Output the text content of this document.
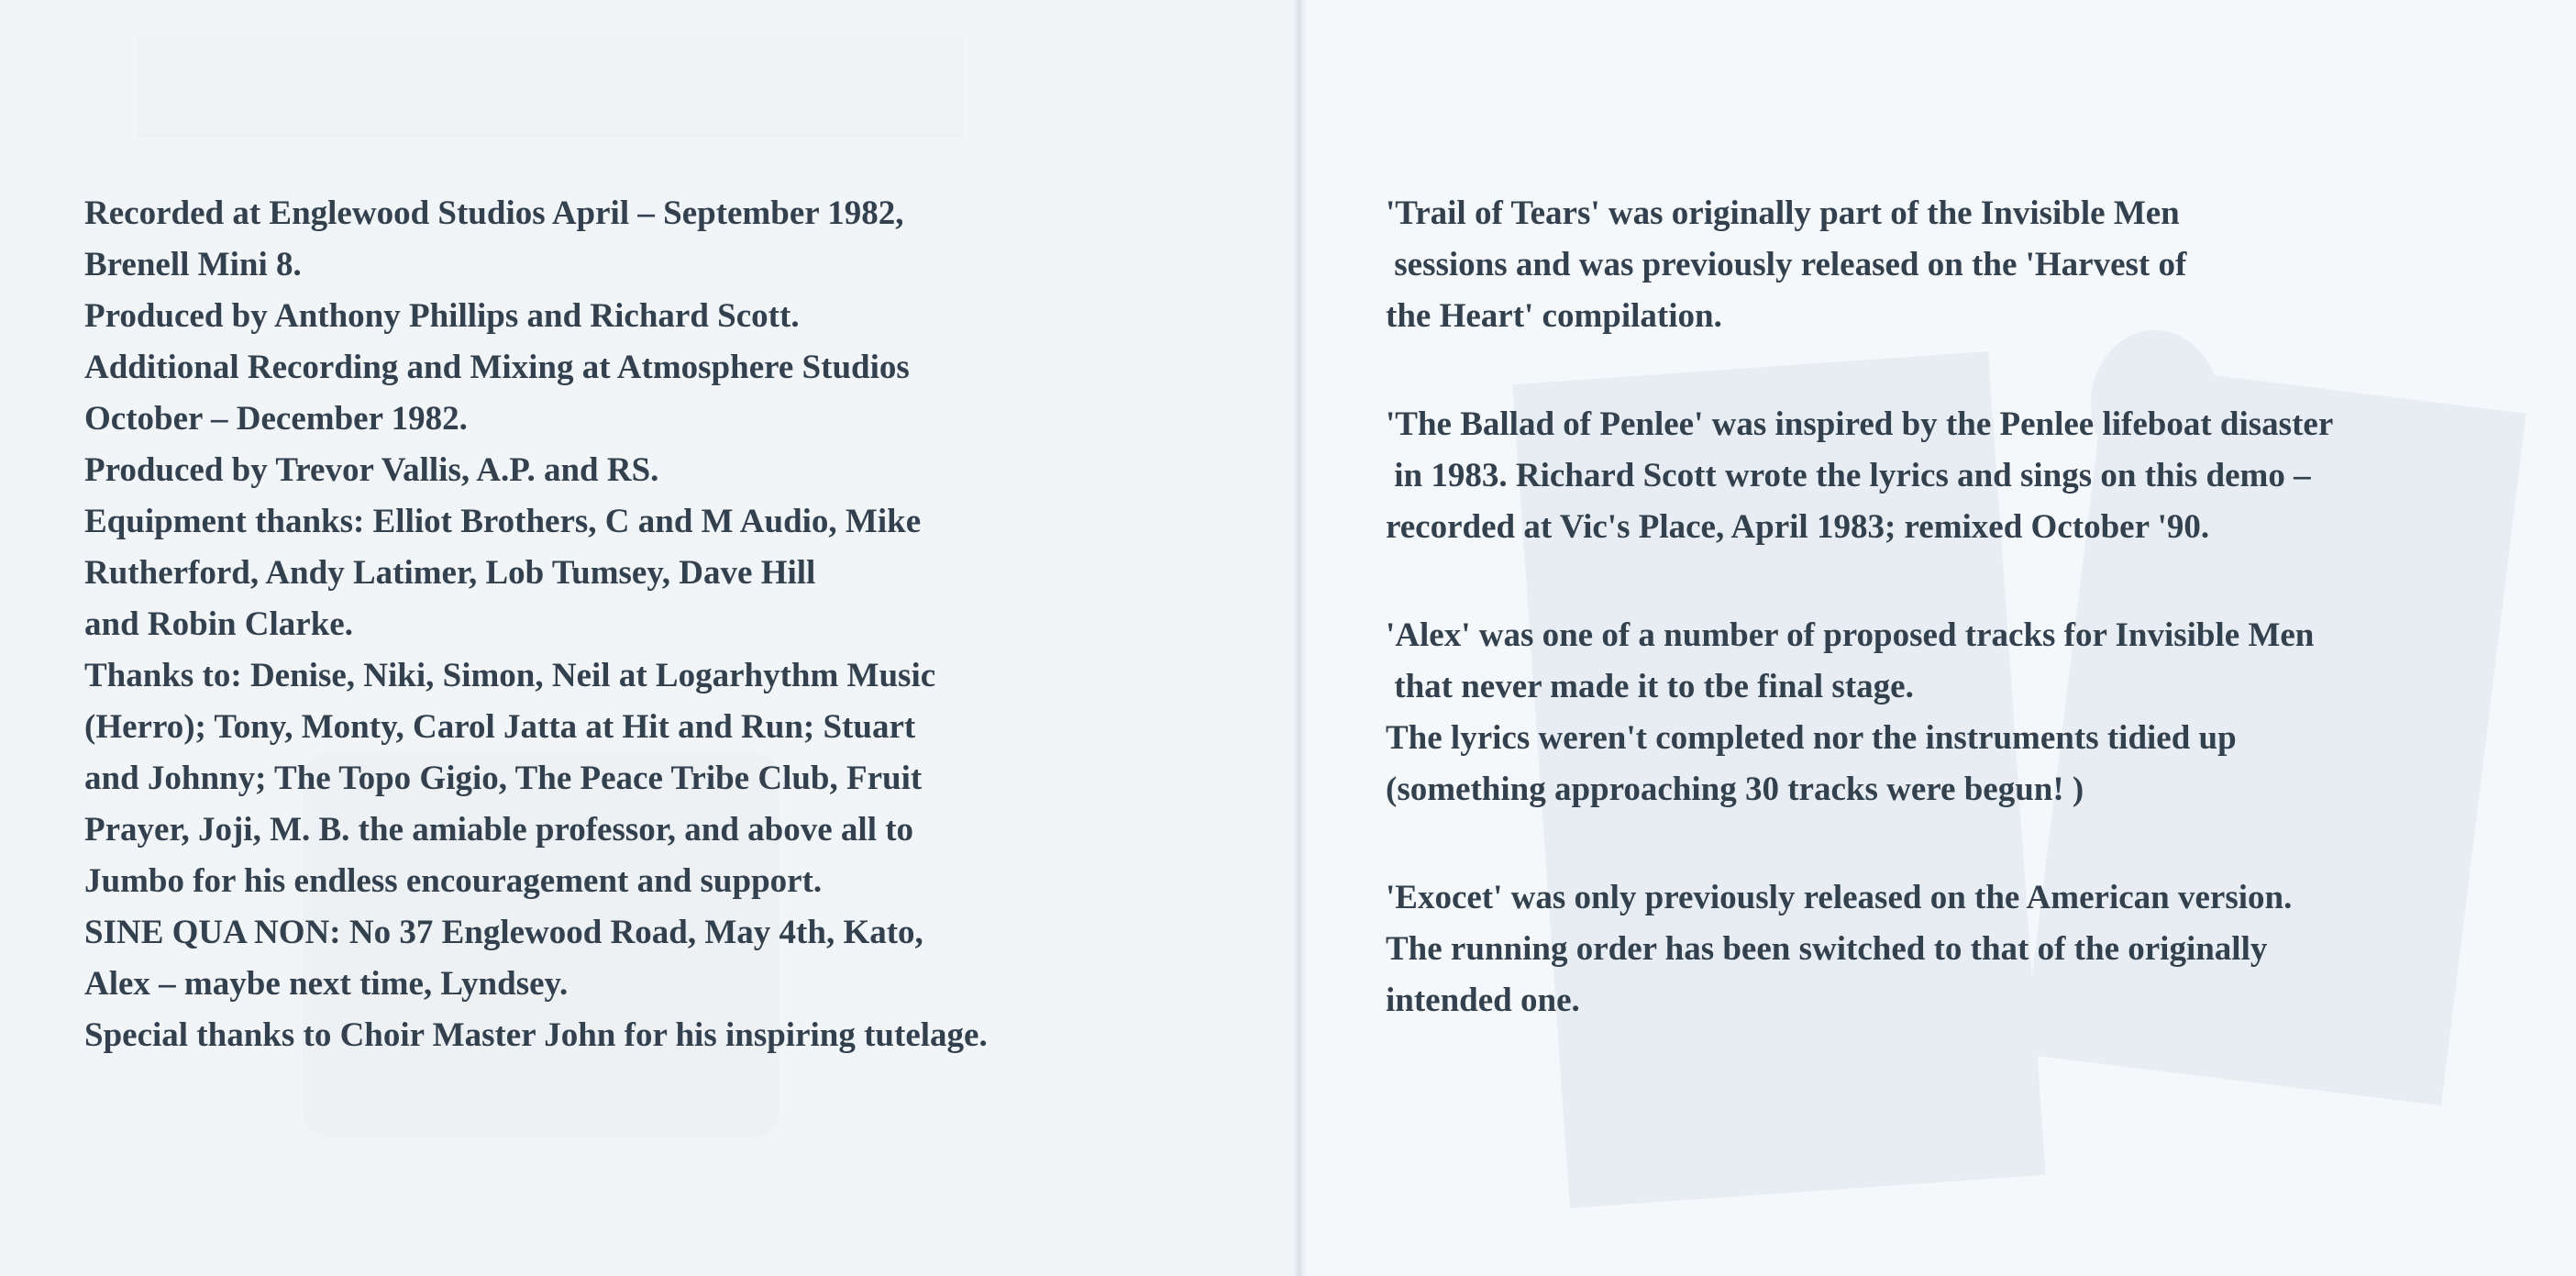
Recorded at Englewood Studios April – September 1982,
Brenell Mini 8.
Produced by Anthony Phillips and Richard Scott.
Additional Recording and Mixing at Atmosphere Studios
October – December 1982.
Produced by Trevor Vallis, A.P. and RS.
Equipment thanks: Elliot Brothers, C and M Audio, Mike
Rutherford, Andy Latimer, Lob Tumsey, Dave Hill
and Robin Clarke.
Thanks to: Denise, Niki, Simon, Neil at Logarhythm Music
(Herro); Tony, Monty, Carol Jatta at Hit and Run; Stuart
and Johnny; The Topo Gigio, The Peace Tribe Club, Fruit
Prayer, Joji, M. B. the amiable professor, and above all to
Jumbo for his endless encouragement and support.
SINE QUA NON: No 37 Englewood Road, May 4th, Kato,
Alex – maybe next time, Lyndsey.
Special thanks to Choir Master John for his inspiring tutelage.
'Trail of Tears' was originally part of the Invisible Men
sessions and was previously released on the 'Harvest of
the Heart' compilation.
'The Ballad of Penlee' was inspired by the Penlee lifeboat disaster
in 1983. Richard Scott wrote the lyrics and sings on this demo –
recorded at Vic's Place, April 1983; remixed October '90.
'Alex' was one of a number of proposed tracks for Invisible Men
that never made it to tbe final stage.
The lyrics weren't completed nor the instruments tidied up
(something approaching 30 tracks were begun! )
'Exocet' was only previously released on the American version.
The running order has been switched to that of the originally
intended one.
